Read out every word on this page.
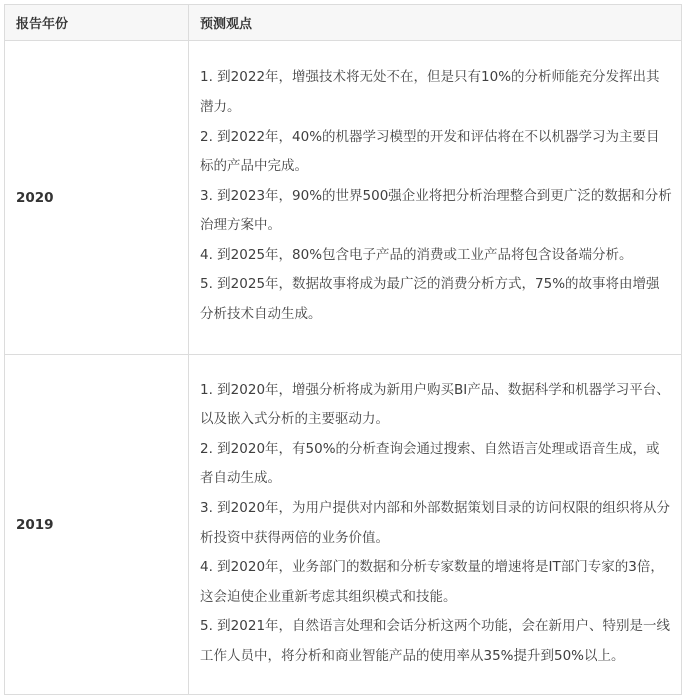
报告年份	预测观点
2020	1. 到2022年，增强技术将无处不在，但是只有10%的分析师能充分发挥出其潜力。
2. 到2022年，40%的机器学习模型的开发和评估将在不以机器学习为主要目标的产品中完成。
3. 到2023年，90%的世界500强企业将把分析治理整合到更广泛的数据和分析治理方案中。
4. 到2025年，80%包含电子产品的消费或工业产品将包含设备端分析。
5. 到2025年，数据故事将成为最广泛的消费分析方式，75%的故事将由增强分析技术自动生成。

2019	1. 到2020年，增强分析将成为新用户购买BI产品、数据科学和机器学习平台、以及嵌入式分析的主要驱动力。
2. 到2020年，有50%的分析查询会通过搜索、自然语言处理或语音生成，或者自动生成。
3. 到2020年，为用户提供对内部和外部数据策划目录的访问权限的组织将从分析投资中获得两倍的业务价值。
4. 到2020年，业务部门的数据和分析专家数量的增速将是IT部门专家的3倍，这会迫使企业重新考虑其组织模式和技能。
5. 到2021年，自然语言处理和会话分析这两个功能，会在新用户、特别是一线工作人员中，将分析和商业智能产品的使用率从35%提升到50%以上。
